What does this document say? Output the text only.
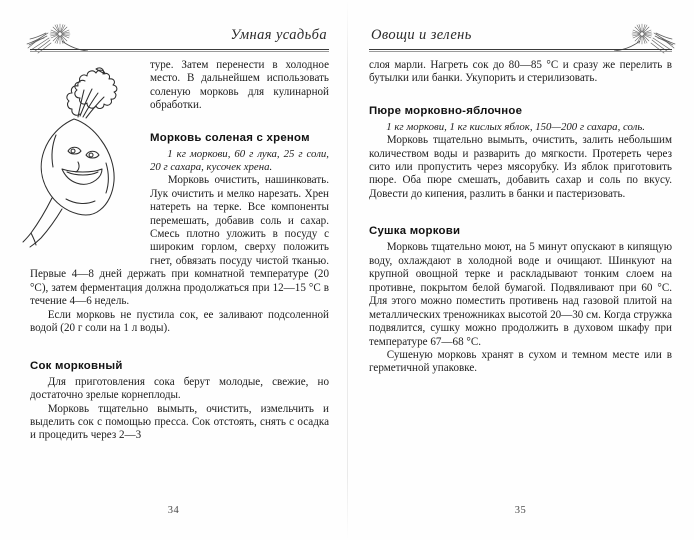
Умная усадьба

туре. Затем перенести в холодное место. В дальнейшем использовать соленую морковь для кулинарной обработки.

Морковь соленая с хреном

1 кг моркови, 60 г лука, 25 г соли, 20 г сахара, кусочек хрена.

Морковь очистить, нашинковать. Лук очистить и мелко нарезать. Хрен натереть на терке. Все компоненты перемешать, добавив соль и сахар. Смесь плотно уложить в посуду с широким горлом, сверху положить гнет, обвязать посуду чистой тканью. Первые 4—8 дней держать при комнатной температуре (20 °C), затем ферментация должна продолжаться при 12—15 °C в течение 4—6 недель.

Если морковь не пустила сок, ее заливают подсоленной водой (20 г соли на 1 л воды).

Сок морковный

Для приготовления сока берут молодые, свежие, но достаточно зрелые корнеплоды.

Морковь тщательно вымыть, очистить, измельчить и выделить сок с помощью пресса. Сок отстоять, снять с осадка и процедить через 2—3

34
Овощи и зелень

слоя марли. Нагреть сок до 80—85 °C и сразу же перелить в бутылки или банки. Укупорить и стерилизовать.

Пюре морковно-яблочное

1 кг моркови, 1 кг кислых яблок, 150—200 г сахара, соль.

Морковь тщательно вымыть, очистить, залить небольшим количеством воды и разварить до мягкости. Протереть через сито или пропустить через мясорубку. Из яблок приготовить пюре. Оба пюре смешать, добавить сахар и соль по вкусу. Довести до кипения, разлить в банки и пастеризовать.

Сушка моркови

Морковь тщательно моют, на 5 минут опускают в кипящую воду, охлаждают в холодной воде и очищают. Шинкуют на крупной овощной терке и раскладывают тонким слоем на противне, покрытом белой бумагой. Подвяливают при 60 °C. Для этого можно поместить противень над газовой плитой на металлических треножниках высотой 20—30 см. Когда стружка подвялится, сушку можно продолжить в духовом шкафу при температуре 67—68 °C.

Сушеную морковь хранят в сухом и темном месте или в герметичной упаковке.

35
